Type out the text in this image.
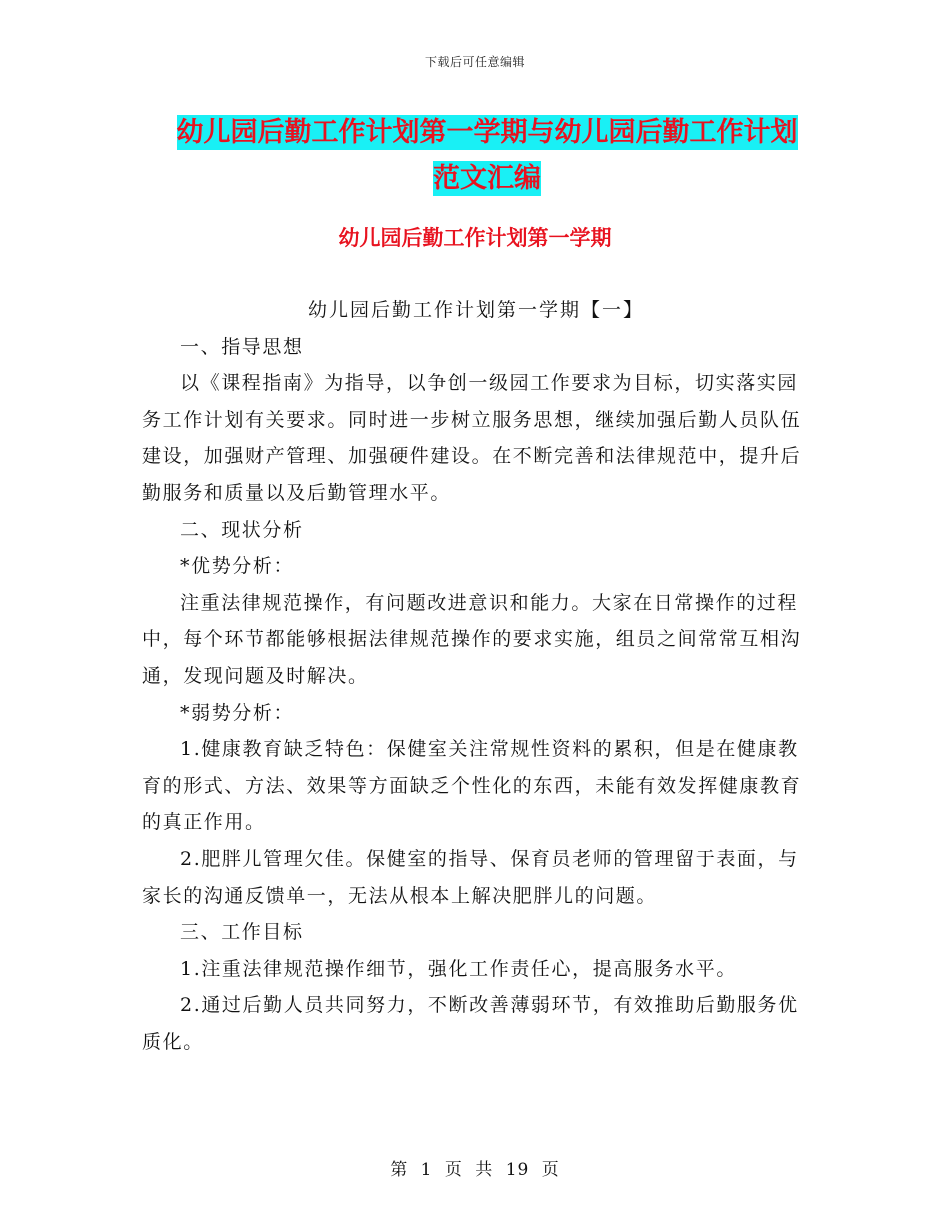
下载后可任意编辑
幼儿园后勤工作计划第一学期与幼儿园后勤工作计划
范文汇编
幼儿园后勤工作计划第一学期

幼儿园后勤工作计划第一学期【一】

一、指导思想

以《课程指南》为指导，以争创一级园工作要求为目标，切实落实园务工作计划有关要求。同时进一步树立服务思想，继续加强后勤人员队伍建设，加强财产管理、加强硬件建设。在不断完善和法律规范中，提升后勤服务和质量以及后勤管理水平。

二、现状分析

*优势分析：

注重法律规范操作，有问题改进意识和能力。大家在日常操作的过程中，每个环节都能够根据法律规范操作的要求实施，组员之间常常互相沟通，发现问题及时解决。

*弱势分析：

1.健康教育缺乏特色：保健室关注常规性资料的累积，但是在健康教育的形式、方法、效果等方面缺乏个性化的东西，未能有效发挥健康教育的真正作用。

2.肥胖儿管理欠佳。保健室的指导、保育员老师的管理留于表面，与家长的沟通反馈单一，无法从根本上解决肥胖儿的问题。

三、工作目标

1.注重法律规范操作细节，强化工作责任心，提高服务水平。

2.通过后勤人员共同努力，不断改善薄弱环节，有效推助后勤服务优质化。

第 1 页 共 19 页
